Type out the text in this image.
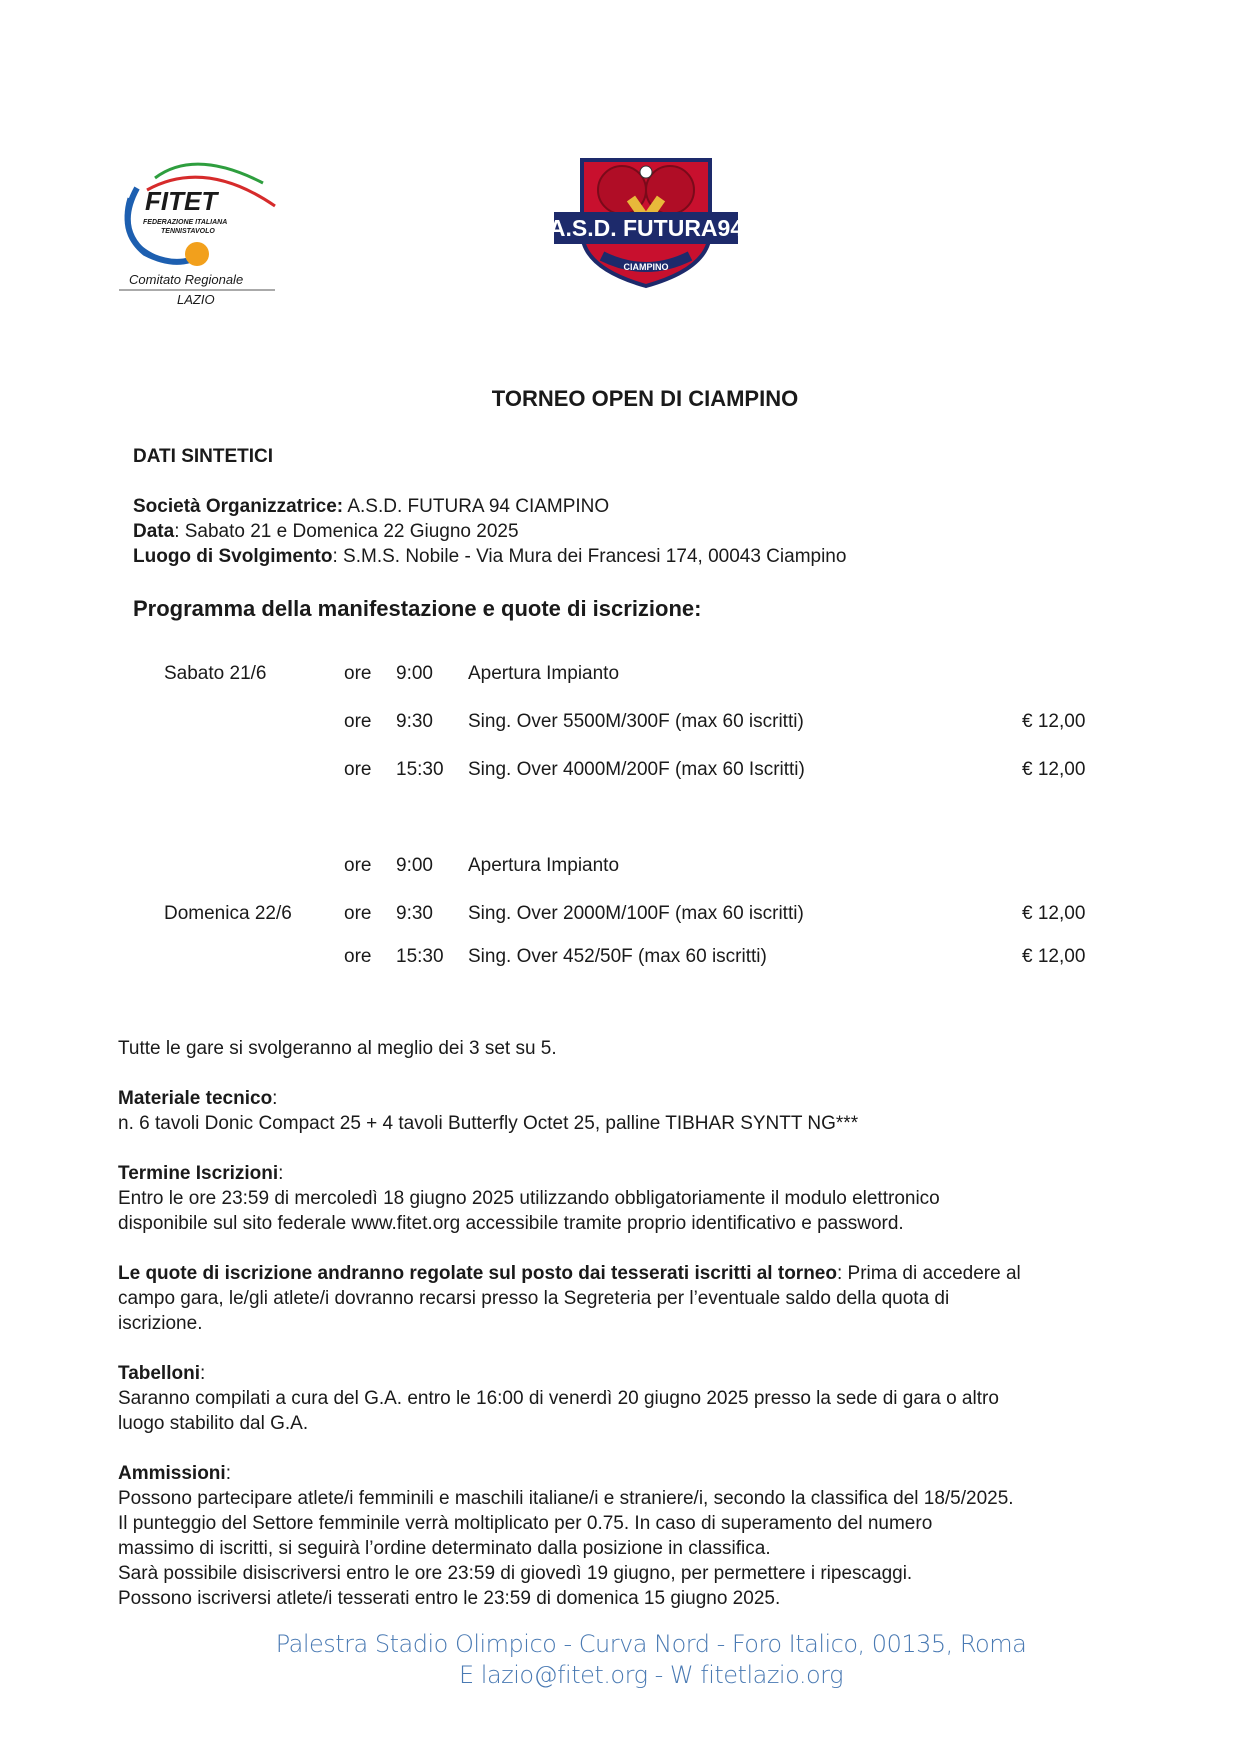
FITET
FEDERAZIONE ITALIANA
TENNISTAVOLO
Comitato Regionale
LAZIO
A.S.D. FUTURA94
CIAMPINO
TORNEO OPEN DI CIAMPINO
DATI SINTETICI
Società Organizzatrice: A.S.D. FUTURA 94 CIAMPINO
Data: Sabato 21 e Domenica 22 Giugno 2025
Luogo di Svolgimento: S.M.S. Nobile - Via Mura dei Francesi 174, 00043 Ciampino
Programma della manifestazione e quote di iscrizione:
Sabato 21/6	ore 9:00 Apertura Impianto
ore 9:30 Sing. Over 5500M/300F (max 60 iscritti)	€ 12,00
ore 15:30 Sing. Over 4000M/200F (max 60 Iscritti)	€ 12,00
ore 9:00 Apertura Impianto
Domenica 22/6	ore 9:30 Sing. Over 2000M/100F (max 60 iscritti)	€ 12,00
ore 15:30 Sing. Over 452/50F (max 60 iscritti)	€ 12,00
Tutte le gare si svolgeranno al meglio dei 3 set su 5.
Materiale tecnico:
n. 6 tavoli Donic Compact 25 + 4 tavoli Butterfly Octet 25, palline TIBHAR SYNTT NG***
Termine Iscrizioni:
Entro le ore 23:59 di mercoledì 18 giugno 2025 utilizzando obbligatoriamente il modulo elettronico
disponibile sul sito federale www.fitet.org accessibile tramite proprio identificativo e password.
Le quote di iscrizione andranno regolate sul posto dai tesserati iscritti al torneo: Prima di accedere al
campo gara, le/gli atlete/i dovranno recarsi presso la Segreteria per l’eventuale saldo della quota di
iscrizione.
Tabelloni:
Saranno compilati a cura del G.A. entro le 16:00 di venerdì 20 giugno 2025 presso la sede di gara o altro
luogo stabilito dal G.A.
Ammissioni:
Possono partecipare atlete/i femminili e maschili italiane/i e straniere/i, secondo la classifica del 18/5/2025.
Il punteggio del Settore femminile verrà moltiplicato per 0.75. In caso di superamento del numero
massimo di iscritti, si seguirà l’ordine determinato dalla posizione in classifica.
Sarà possibile disiscriversi entro le ore 23:59 di giovedì 19 giugno, per permettere i ripescaggi.
Possono iscriversi atlete/i tesserati entro le 23:59 di domenica 15 giugno 2025.
Palestra Stadio Olimpico - Curva Nord - Foro Italico, 00135, Roma
E lazio@fitet.org - W fitetlazio.org
